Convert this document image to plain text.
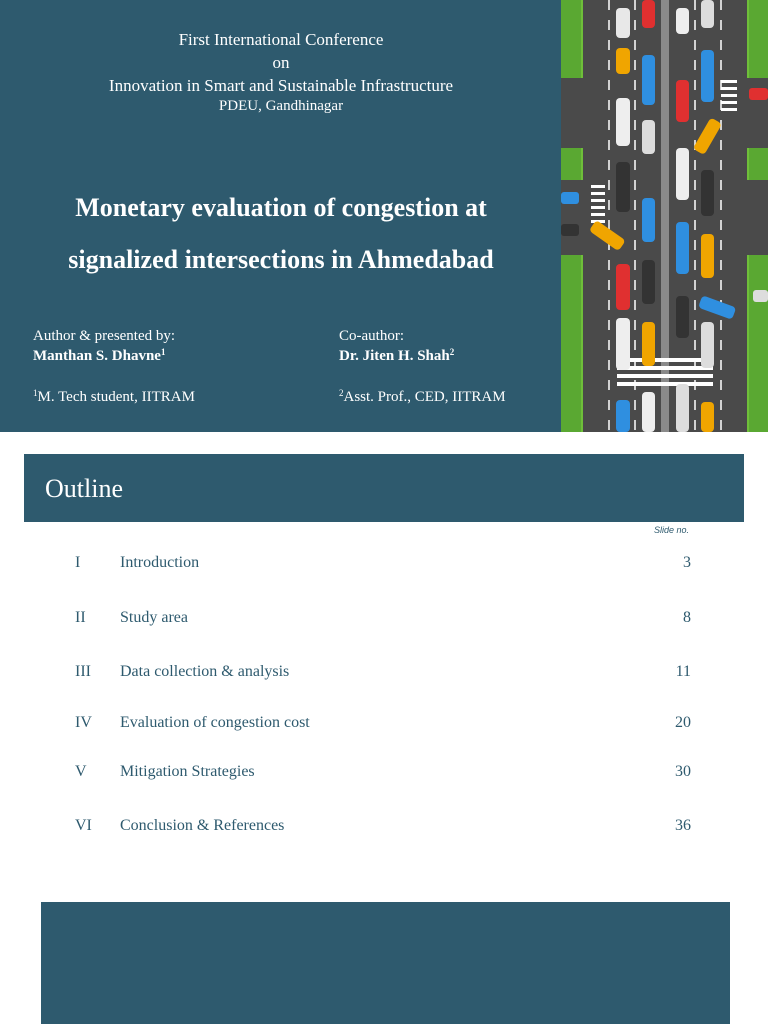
First International Conference
on
Innovation in Smart and Sustainable Infrastructure
PDEU, Gandhinagar
Monetary evaluation of congestion at
signalized intersections in Ahmedabad
Author & presented by:
Manthan S. Dhavne$^1$
$^1$M. Tech student, IITRAM
Co-author:
Dr. Jiten H. Shah$^2$
$^2$Asst. Prof., CED, IITRAM
Outline
Slide no.
I Introduction	3
II Study area	8
III Data collection & analysis	11
IV Evaluation of congestion cost	20
V Mitigation Strategies	30
VI Conclusion & References	36
